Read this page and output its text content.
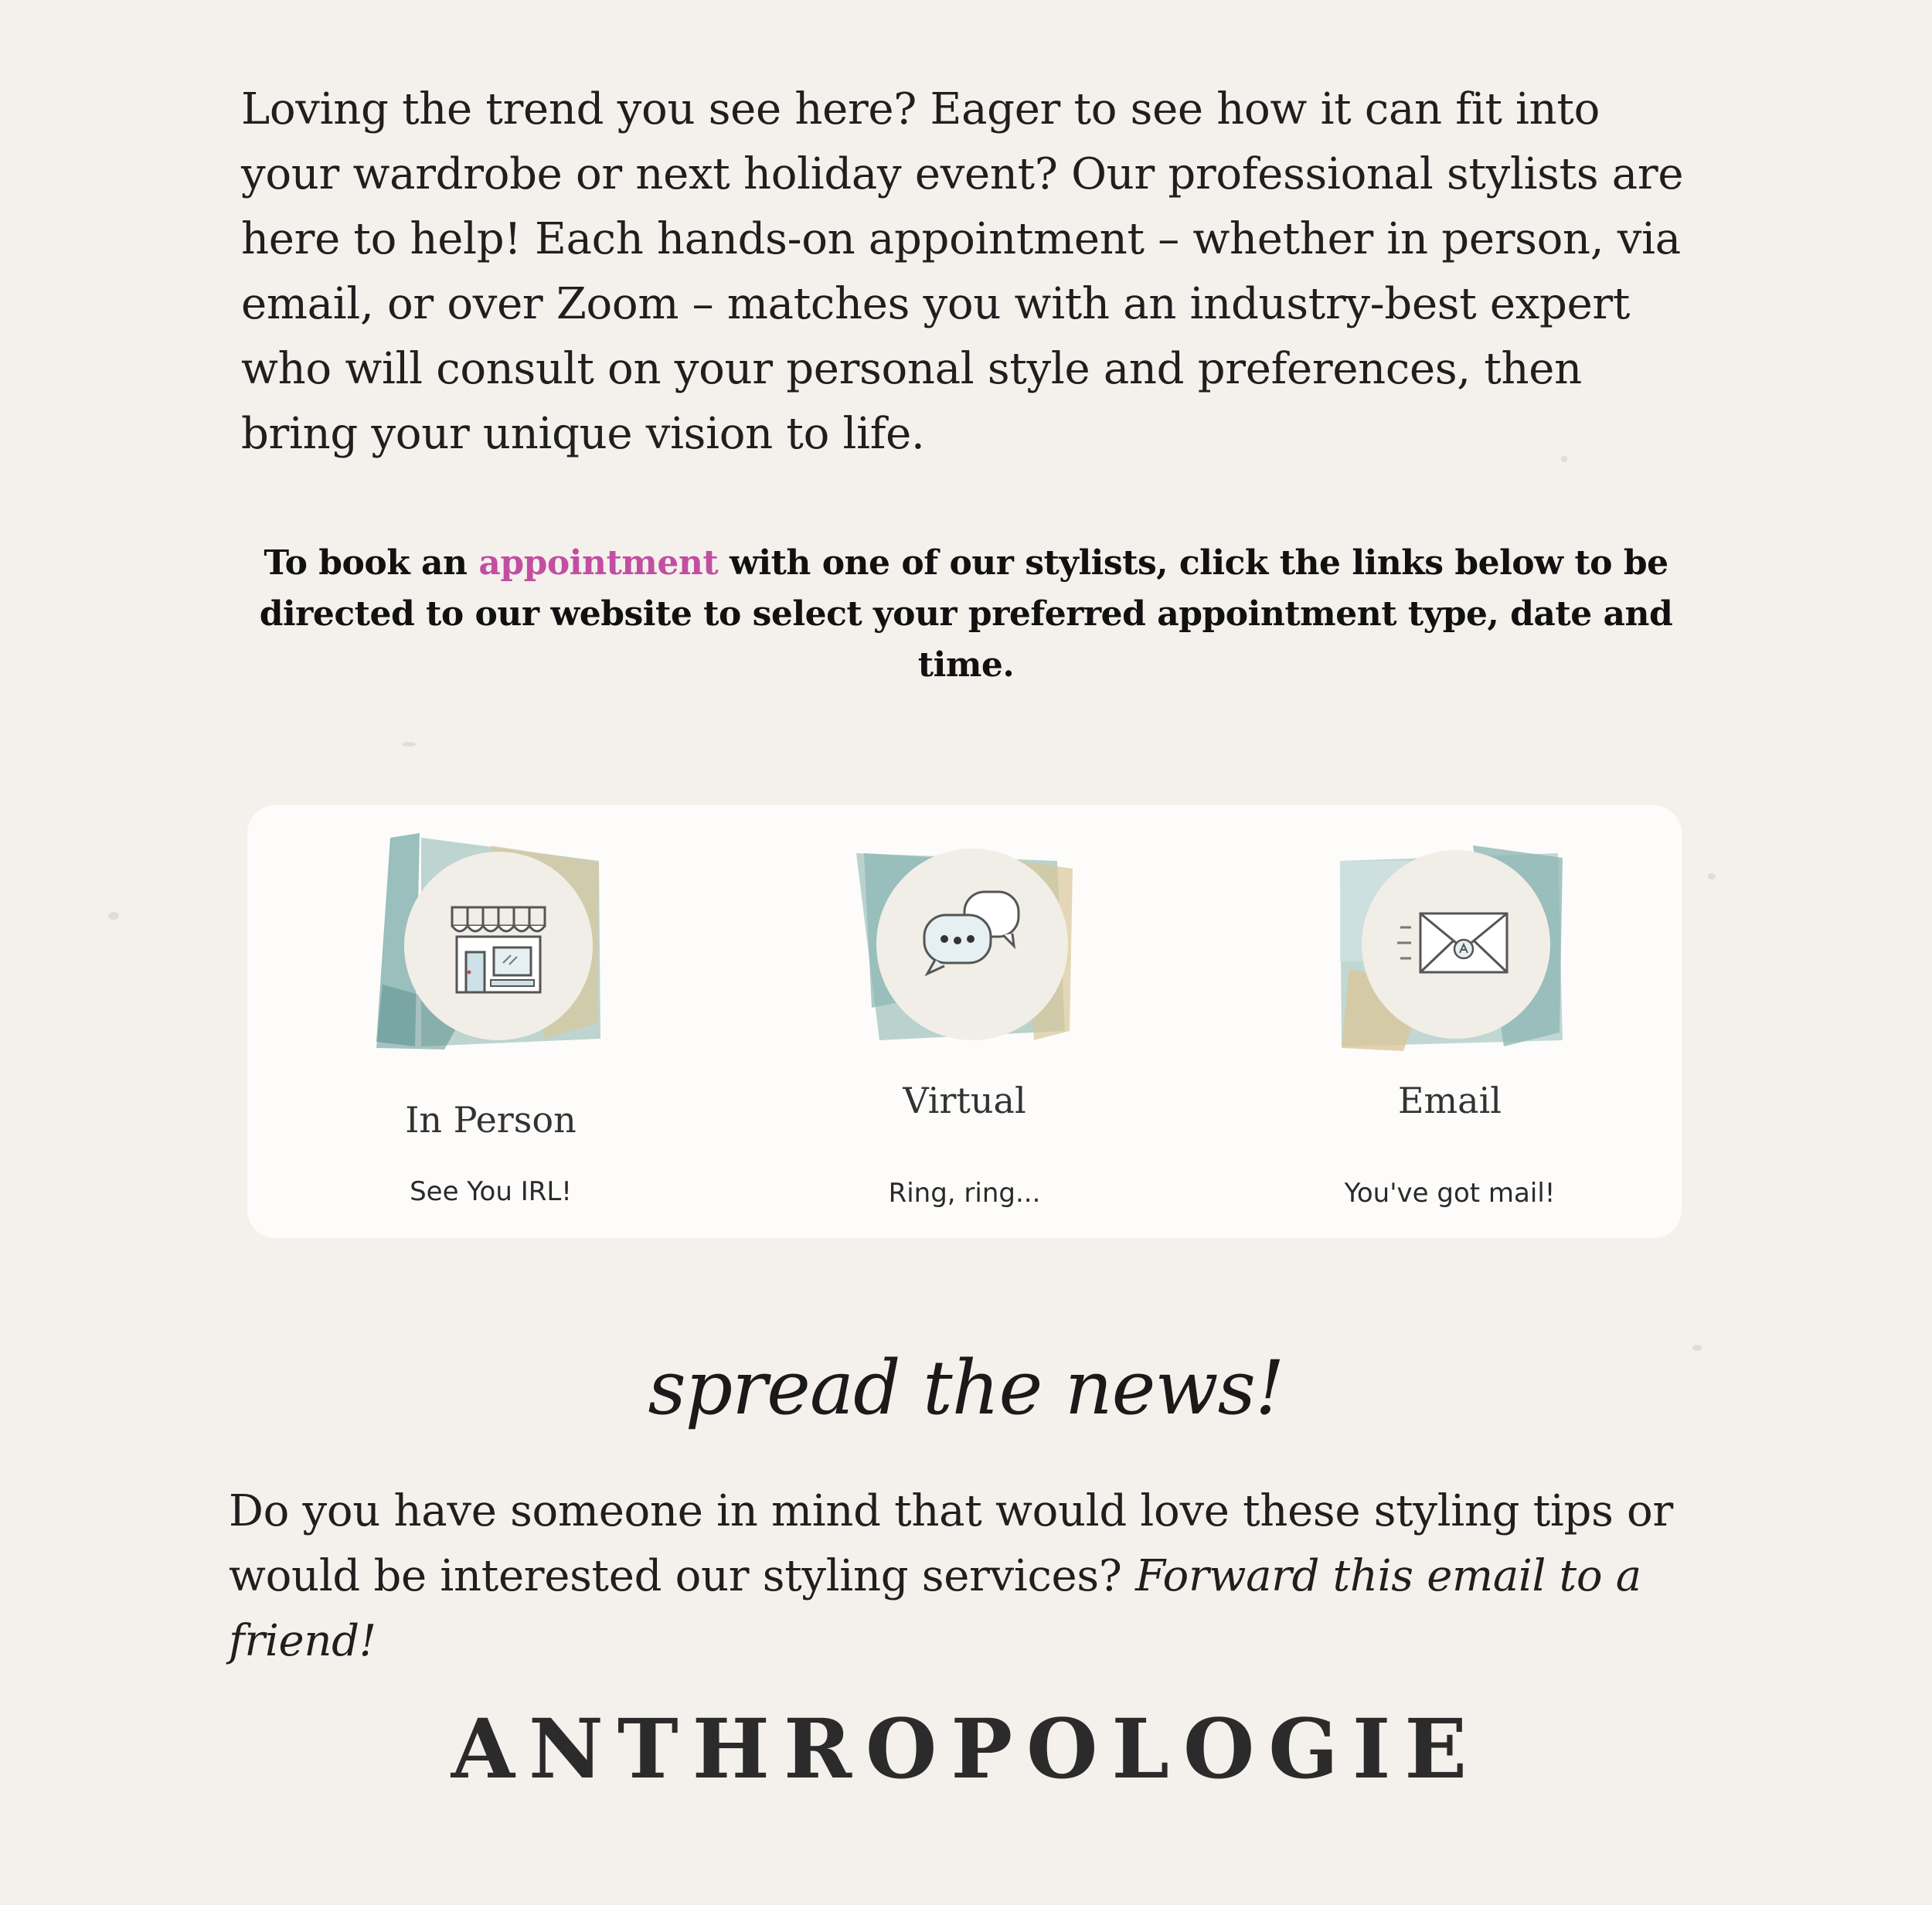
Loving the trend you see here? Eager to see how it can fit into your wardrobe or next holiday event? Our professional stylists are here to help! Each hands-on appointment – whether in person, via email, or over Zoom – matches you with an industry-best expert who will consult on your personal style and preferences, then bring your unique vision to life.

To book an appointment with one of our stylists, click the links below to be directed to our website to select your preferred appointment type, date and time.

In Person
See You IRL!
Virtual
Ring, ring...
Email
You've got mail!
spread the news!

Do you have someone in mind that would love these styling tips or would be interested our styling services? Forward this email to a friend!

ANTHROPOLOGIE
